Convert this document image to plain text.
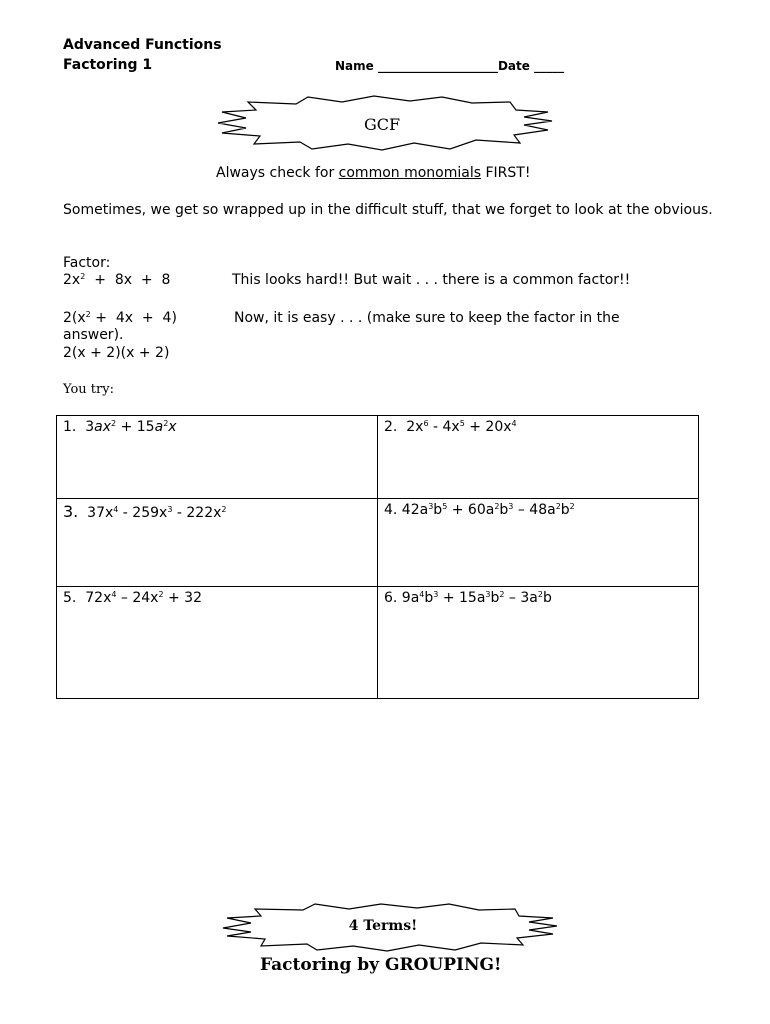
Advanced Functions
Factoring 1	Name ____________________Date _____
GCF
Always check for common monomials FIRST!
Sometimes, we get so wrapped up in the difficult stuff, that we forget to look at the obvious.
Factor:
$2x^2 + 8x + 8$	This looks hard!! But wait . . . there is a common factor!!
$2(x^2 + 4x + 4)$	Now, it is easy . . . (make sure to keep the factor in the
answer).
2(x + 2)(x + 2)
You try:
1.  $3ax^2 + 15a^2x$	2.  $2x^6 - 4x^5 + 20x^4$
3.  $37x^4 - 259x^3 - 222x^2$	4. $42a^3b^5 + 60a^2b^3 - 48a^2b^2$
5.  $72x^4 - 24x^2 + 32$	6. $9a^4b^3 + 15a^3b^2 - 3a^2b$
4 Terms!
Factoring by GROUPING!
